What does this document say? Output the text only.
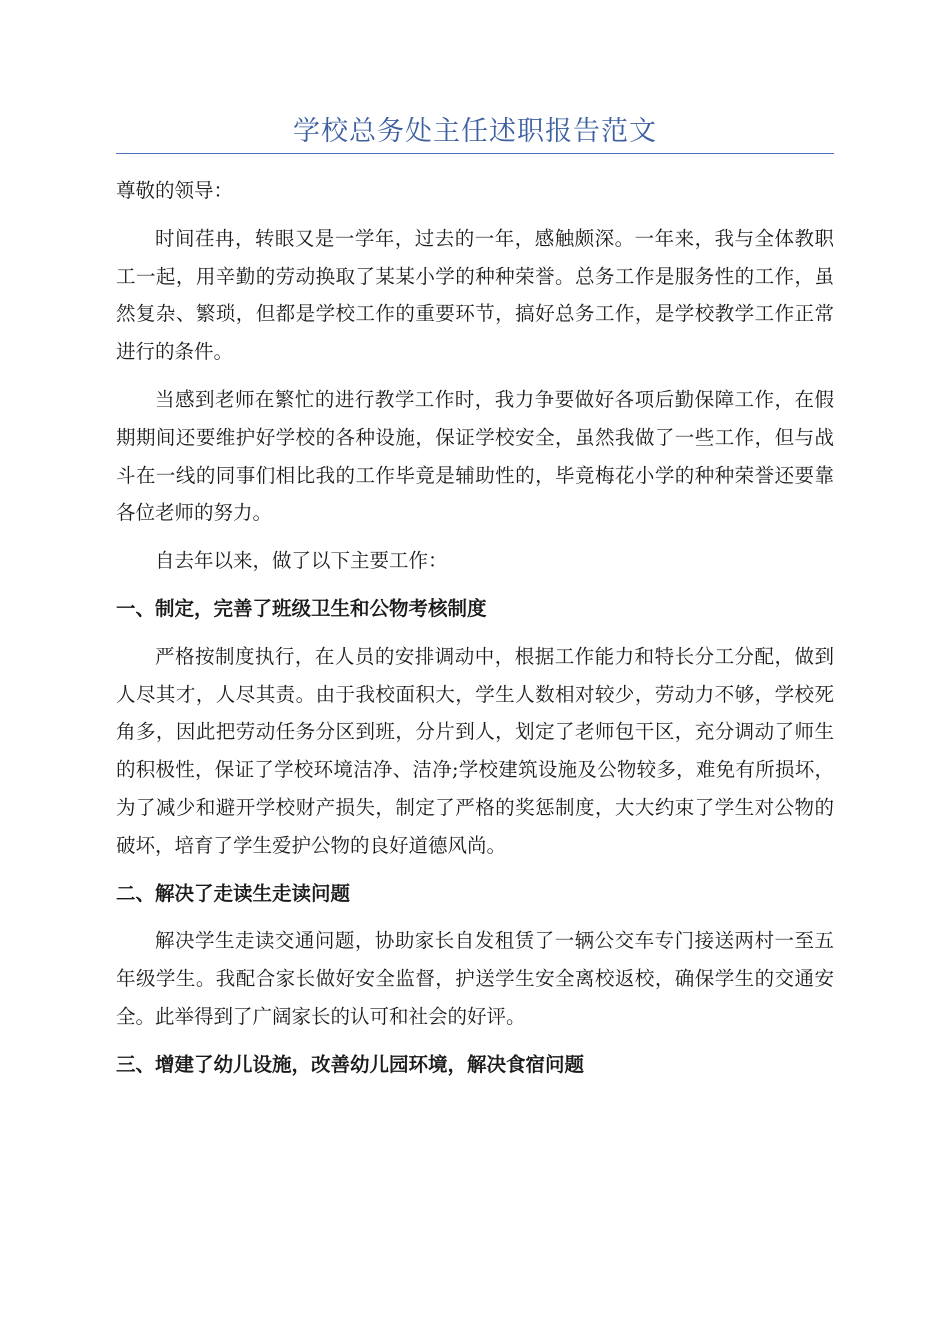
学校总务处主任述职报告范文

尊敬的领导：

时间荏冉，转眼又是一学年，过去的一年，感触颇深。一年来，我与全体教职工一起，用辛勤的劳动换取了某某小学的种种荣誉。总务工作是服务性的工作，虽然复杂、繁琐，但都是学校工作的重要环节，搞好总务工作，是学校教学工作正常进行的条件。

当感到老师在繁忙的进行教学工作时，我力争要做好各项后勤保障工作，在假期期间还要维护好学校的各种设施，保证学校安全，虽然我做了一些工作，但与战斗在一线的同事们相比我的工作毕竟是辅助性的，毕竟梅花小学的种种荣誉还要靠各位老师的努力。

自去年以来，做了以下主要工作：

一、制定，完善了班级卫生和公物考核制度

严格按制度执行，在人员的安排调动中，根据工作能力和特长分工分配，做到人尽其才，人尽其责。由于我校面积大，学生人数相对较少，劳动力不够，学校死角多，因此把劳动任务分区到班，分片到人，划定了老师包干区，充分调动了师生的积极性，保证了学校环境洁净、洁净;学校建筑设施及公物较多，难免有所损坏，为了减少和避开学校财产损失，制定了严格的奖惩制度，大大约束了学生对公物的破坏，培育了学生爱护公物的良好道德风尚。

二、解决了走读生走读问题

解决学生走读交通问题，协助家长自发租赁了一辆公交车专门接送两村一至五年级学生。我配合家长做好安全监督，护送学生安全离校返校，确保学生的交通安全。此举得到了广阔家长的认可和社会的好评。

三、增建了幼儿设施，改善幼儿园环境，解决食宿问题
